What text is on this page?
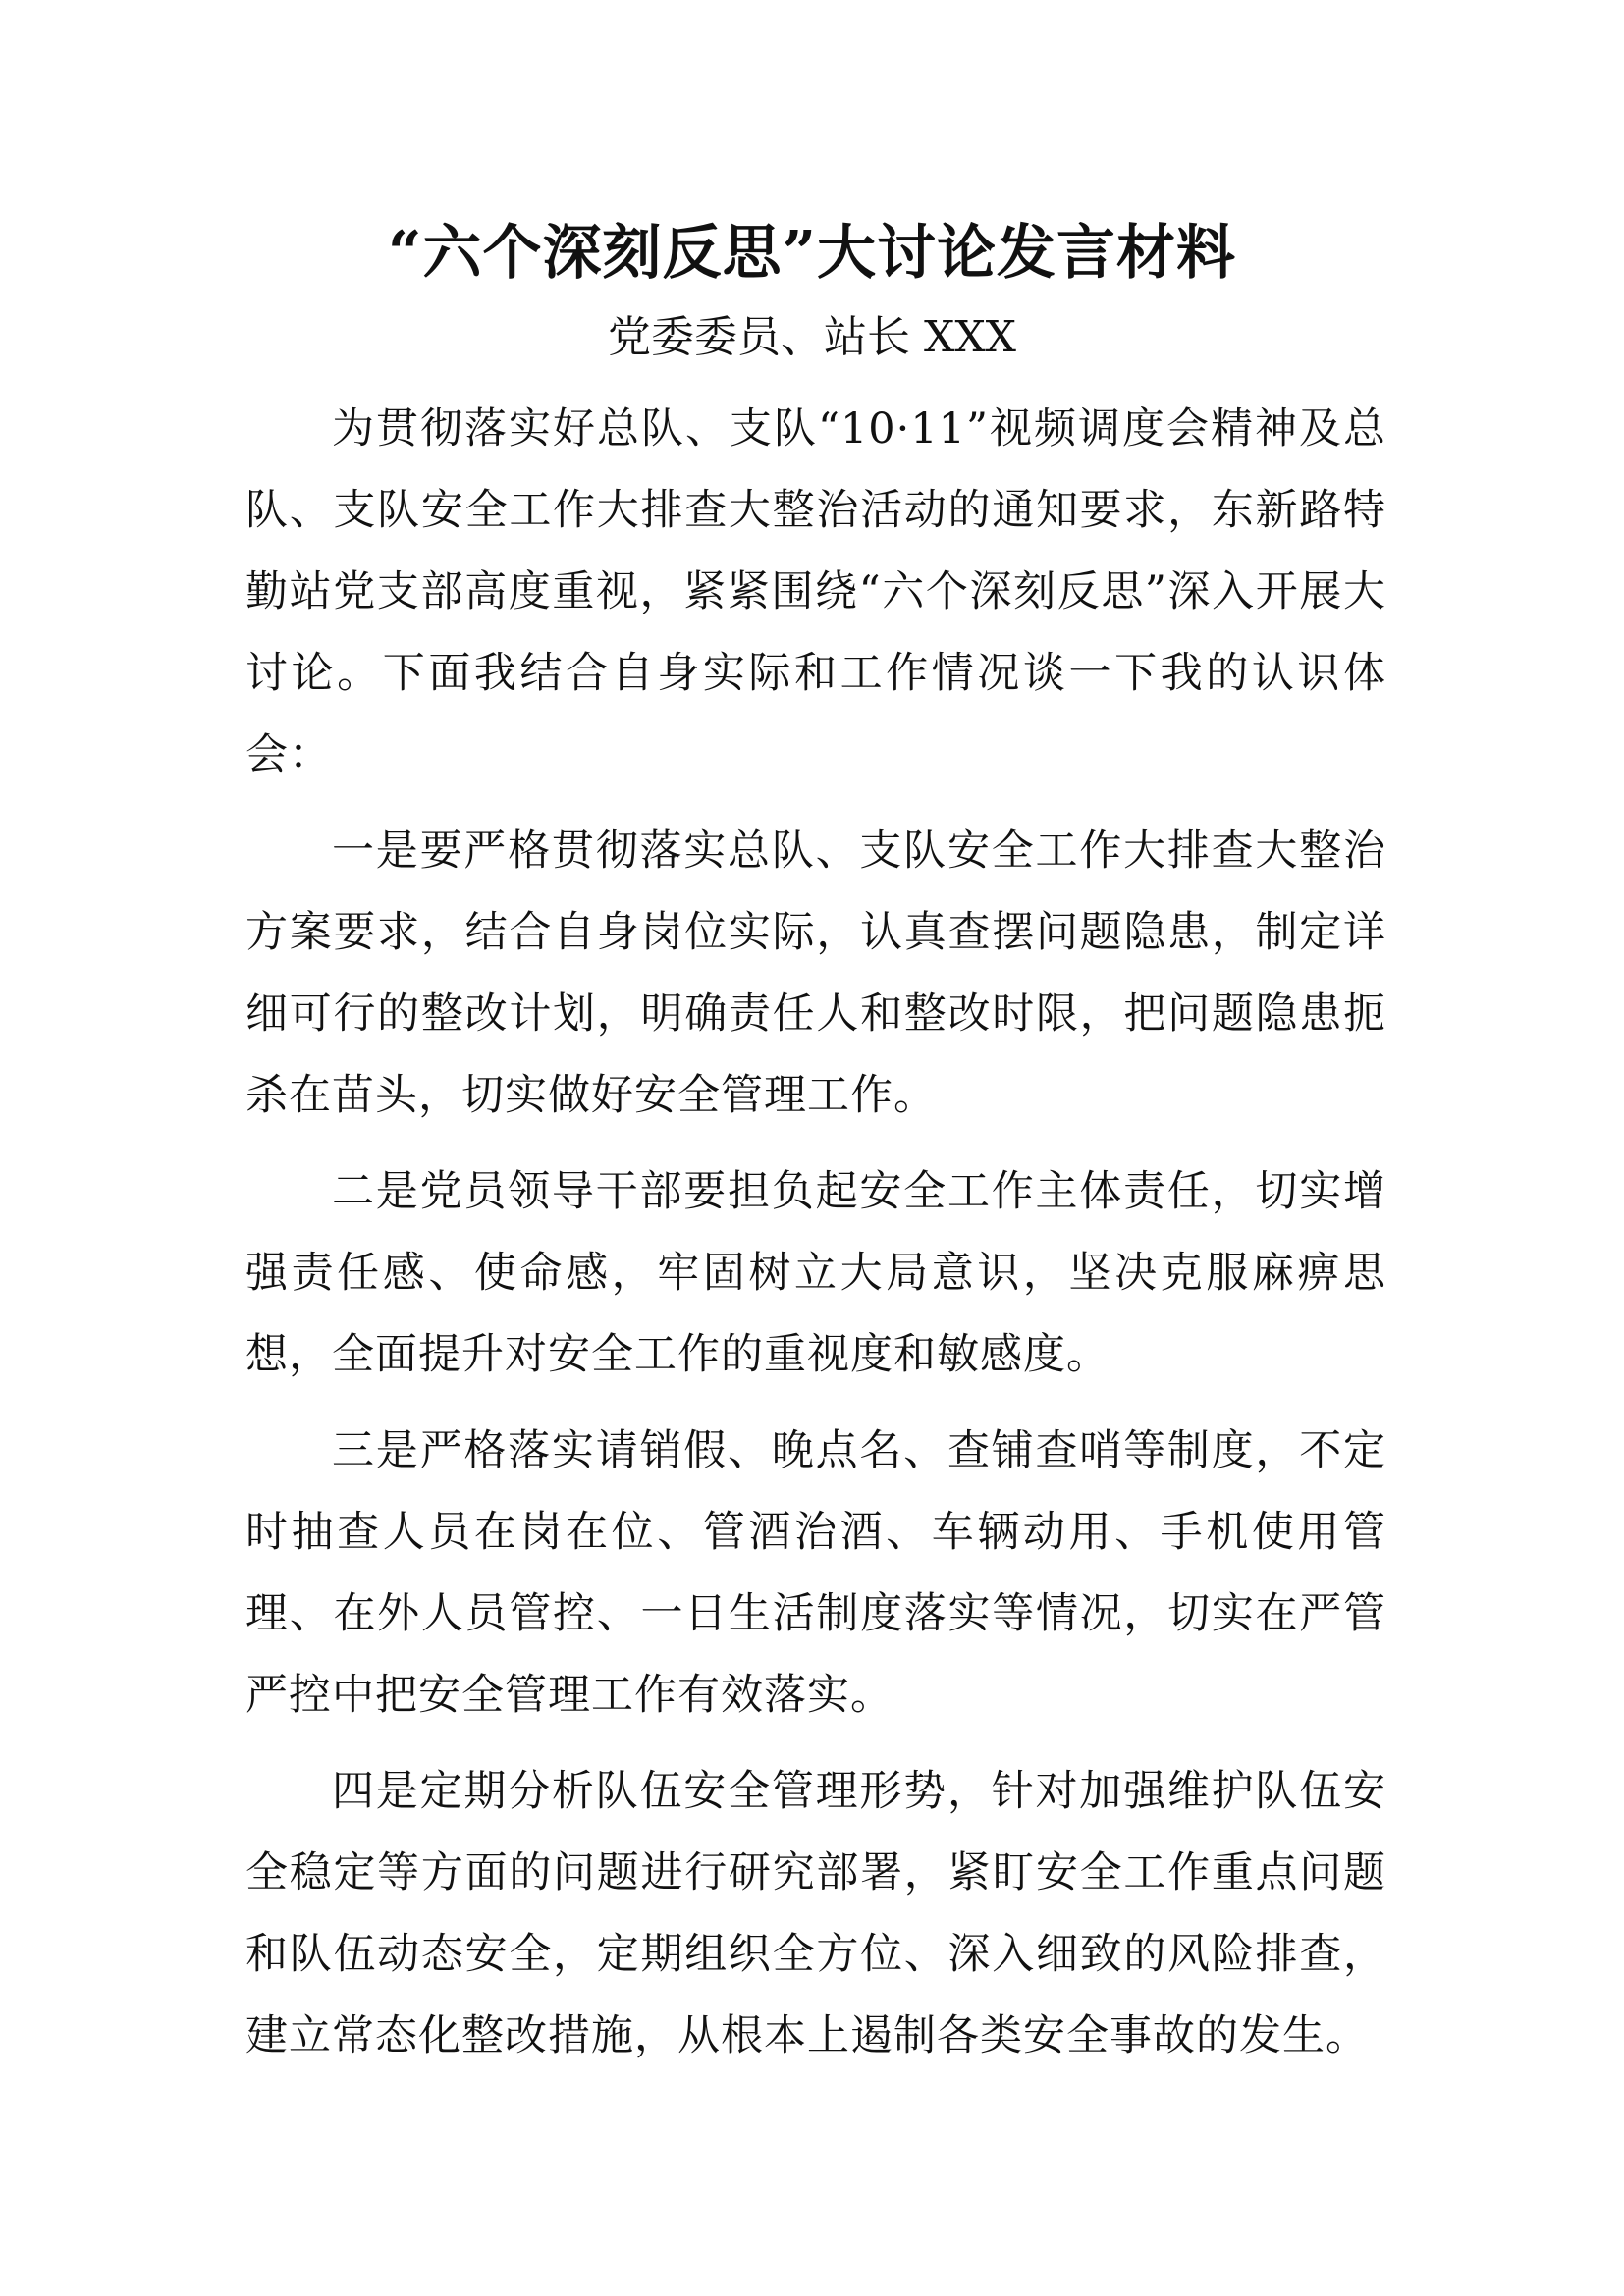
“六个深刻反思”大讨论发言材料
党委委员、站长 XXX

为贯彻落实好总队、支队“10·11”视频调度会精神及总队、支队安全工作大排查大整治活动的通知要求，东新路特勤站党支部高度重视，紧紧围绕“六个深刻反思”深入开展大讨论。下面我结合自身实际和工作情况谈一下我的认识体会：

一是要严格贯彻落实总队、支队安全工作大排查大整治方案要求，结合自身岗位实际，认真查摆问题隐患，制定详细可行的整改计划，明确责任人和整改时限，把问题隐患扼杀在苗头，切实做好安全管理工作。

二是党员领导干部要担负起安全工作主体责任，切实增强责任感、使命感，牢固树立大局意识，坚决克服麻痹思想，全面提升对安全工作的重视度和敏感度。

三是严格落实请销假、晚点名、查铺查哨等制度，不定时抽查人员在岗在位、管酒治酒、车辆动用、手机使用管理、在外人员管控、一日生活制度落实等情况，切实在严管严控中把安全管理工作有效落实。

四是定期分析队伍安全管理形势，针对加强维护队伍安全稳定等方面的问题进行研究部署，紧盯安全工作重点问题和队伍动态安全，定期组织全方位、深入细致的风险排查，建立常态化整改措施，从根本上遏制各类安全事故的发生。
